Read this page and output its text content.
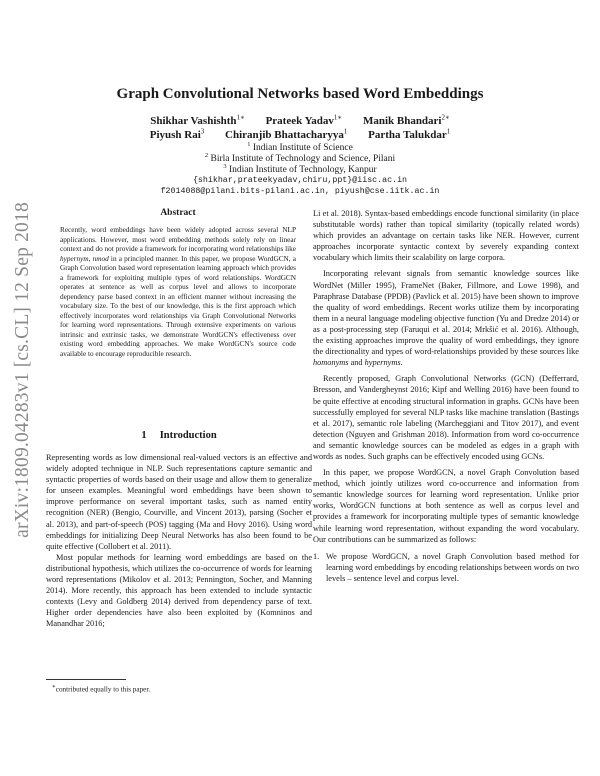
arXiv:1809.04283v1 [cs.CL] 12 Sep 2018
Graph Convolutional Networks based Word Embeddings
Shikhar Vashishth$^{1∗}$ Prateek Yadav$^{1∗}$ Manik Bhandari$^{2∗}$
Piyush Rai$^3$ Chiranjib Bhattacharyya$^1$ Partha Talukdar$^1$
$^1$ Indian Institute of Science
$^2$ Birla Institute of Technology and Science, Pilani
$^3$ Indian Institute of Technology, Kanpur
{shikhar,prateekyadav,chiru,ppt}@iisc.ac.in
f2014088@pilani.bits-pilani.ac.in, piyush@cse.iitk.ac.in
Abstract

Recently, word embeddings have been widely adopted across several NLP applications. However, most word embedding methods solely rely on linear context and do not provide a framework for incorporating word relationships like hypernym, nmod in a principled manner. In this paper, we propose WordGCN, a Graph Convolution based word representation learning approach which provides a framework for exploiting multiple types of word relationships. WordGCN operates at sentence as well as corpus level and allows to incorporate dependency parse based context in an efficient manner without increasing the vocabulary size. To the best of our knowledge, this is the first approach which effectively incorporates word relationships via Graph Convolutional Networks for learning word representations. Through extensive experiments on various intrinsic and extrinsic tasks, we demonstrate WordGCN's effectiveness over existing word embedding approaches. We make WordGCN's source code available to encourage reproducible research.

1     Introduction

Representing words as low dimensional real-valued vectors is an effective and widely adopted technique in NLP. Such representations capture semantic and syntactic properties of words based on their usage and allow them to generalize for unseen examples. Meaningful word embeddings have been shown to improve performance on several important tasks, such as named entity recognition (NER) (Bengio, Courville, and Vincent 2013), parsing (Socher et al. 2013), and part-of-speech (POS) tagging (Ma and Hovy 2016). Using word embeddings for initializing Deep Neural Networks has also been found to be quite effective (Collobert et al. 2011).

Most popular methods for learning word embeddings are based on the distributional hypothesis, which utilizes the co-occurrence of words for learning word representations (Mikolov et al. 2013; Pennington, Socher, and Manning 2014). More recently, this approach has been extended to include syntactic contexts (Levy and Goldberg 2014) derived from dependency parse of text. Higher order dependencies have also been exploited by (Komninos and Manandhar 2016;

Li et al. 2018). Syntax-based embeddings encode functional similarity (in place substitutable words) rather than topical similarity (topically related words) which provides an advantage on certain tasks like NER. However, current approaches incorporate syntactic context by severely expanding context vocabulary which limits their scalability on large corpora.

Incorporating relevant signals from semantic knowledge sources like WordNet (Miller 1995), FrameNet (Baker, Fillmore, and Lowe 1998), and Paraphrase Database (PPDB) (Pavlick et al. 2015) have been shown to improve the quality of word embeddings. Recent works utilize them by incorporating them in a neural language modeling objective function (Yu and Dredze 2014) or as a post-processing step (Faruqui et al. 2014; Mrkšić et al. 2016). Although, the existing approaches improve the quality of word embeddings, they ignore the directionality and types of word-relationships provided by these sources like homonyms and hypernyms.

Recently proposed, Graph Convolutional Networks (GCN) (Defferrard, Bresson, and Vandergheynst 2016; Kipf and Welling 2016) have been found to be quite effective at encoding structural information in graphs. GCNs have been successfully employed for several NLP tasks like machine translation (Bastings et al. 2017), semantic role labeling (Marcheggiani and Titov 2017), and event detection (Nguyen and Grishman 2018). Information from word co-occurrence and semantic knowledge sources can be modeled as edges in a graph with words as nodes. Such graphs can be effectively encoded using GCNs.

In this paper, we propose WordGCN, a novel Graph Convolution based method, which jointly utilizes word co-occurrence and information from semantic knowledge sources for learning word representation. Unlike prior works, WordGCN functions at both sentence as well as corpus level and provides a framework for incorporating multiple types of semantic knowledge while learning word representation, without expanding the word vocabulary. Our contributions can be summarized as follows:

1. We propose WordGCN, a novel Graph Convolution based method for learning word embeddings by encoding relationships between words on two levels – sentence level and corpus level.
∗contributed equally to this paper.
